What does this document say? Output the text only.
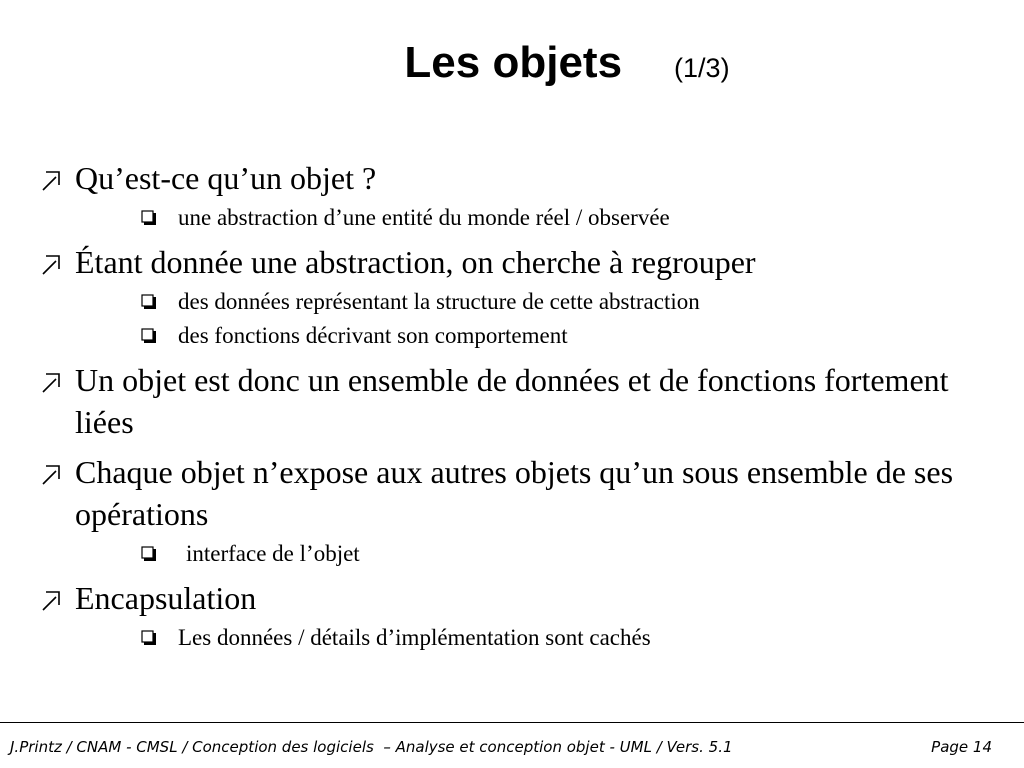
Les objets (1/3)
Qu’est-ce qu’un objet ?
une abstraction d’une entité du monde réel / observée
Étant donnée une abstraction, on cherche à regrouper
des données représentant la structure de cette abstraction
des fonctions décrivant son comportement
Un objet est donc un ensemble de données et de fonctions fortement liées
Chaque objet n’expose aux autres objets qu’un sous ensemble de ses opérations
interface de l’objet
Encapsulation
Les données / détails d’implémentation sont cachés
J.Printz / CNAM - CMSL / Conception des logiciels  – Analyse et conception objet - UML / Vers. 5.1	Page 14
